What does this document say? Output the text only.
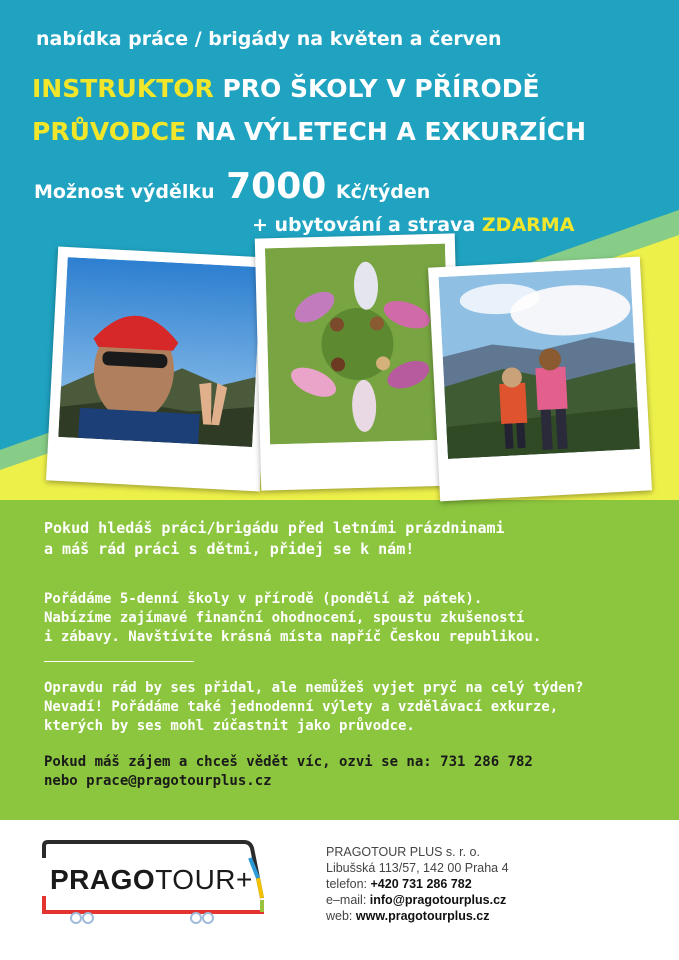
nabídka práce / brigády na květen a červen
INSTRUKTOR PRO ŠKOLY V PŘÍRODĚ
PRŮVODCE NA VÝLETECH A EXKURZÍCH
Možnost výdělku 7000 Kč/týden
+ ubytování a strava ZDARMA
Pokud hledáš práci/brigádu před letními prázdninami
a máš rád práci s dětmi, přidej se k nám!
Pořádáme 5-denní školy v přírodě (pondělí až pátek).
Nabízíme zajímavé finanční ohodnocení, spoustu zkušeností
i zábavy. Navštívíte krásná místa napříč Českou republikou.
Opravdu rád by ses přidal, ale nemůžeš vyjet pryč na celý týden?
Nevadí! Pořádáme také jednodenní výlety a vzdělávací exkurze,
kterých by ses mohl zúčastnit jako průvodce.
Pokud máš zájem a chceš vědět víc, ozvi se na: 731 286 782
nebo prace@pragotourplus.cz
PRAGOTOUR+
PRAGOTOUR PLUS s. r. o.
Libušská 113/57, 142 00 Praha 4
telefon: +420 731 286 782
e–mail: info@pragotourplus.cz
web: www.pragotourplus.cz
